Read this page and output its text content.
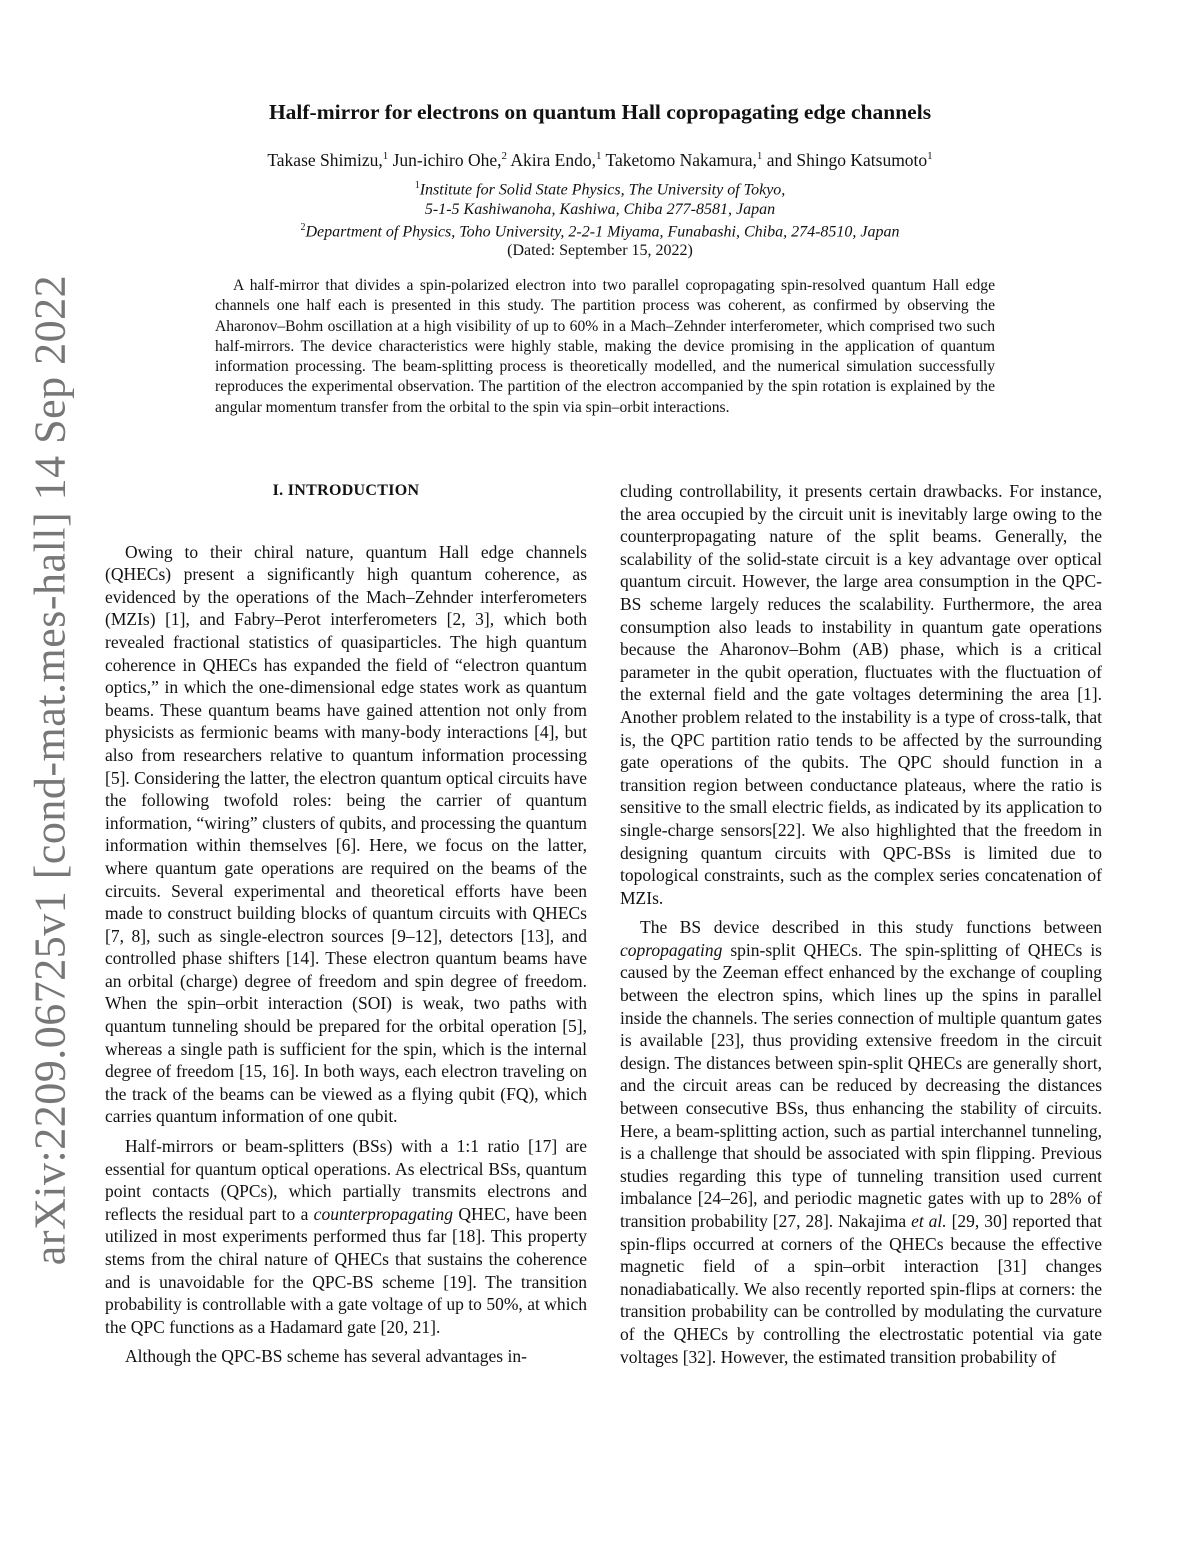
arXiv:2209.06725v1 [cond-mat.mes-hall] 14 Sep 2022
Half-mirror for electrons on quantum Hall copropagating edge channels
Takase Shimizu,$^1$ Jun-ichiro Ohe,$^2$ Akira Endo,$^1$ Taketomo Nakamura,$^1$ and Shingo Katsumoto$^1$
$^1$Institute for Solid State Physics, The University of Tokyo,
5-1-5 Kashiwanoha, Kashiwa, Chiba 277-8581, Japan
$^2$Department of Physics, Toho University, 2-2-1 Miyama, Funabashi, Chiba, 274-8510, Japan
(Dated: September 15, 2022)
A half-mirror that divides a spin-polarized electron into two parallel copropagating spin-resolved quantum Hall edge channels one half each is presented in this study. The partition process was coherent, as confirmed by observing the Aharonov–Bohm oscillation at a high visibility of up to 60% in a Mach–Zehnder interferometer, which comprised two such half-mirrors. The device characteristics were highly stable, making the device promising in the application of quantum information processing. The beam-splitting process is theoretically modelled, and the numerical simulation successfully reproduces the experimental observation. The partition of the electron accompanied by the spin rotation is explained by the angular momentum transfer from the orbital to the spin via spin–orbit interactions.
I. INTRODUCTION

Owing to their chiral nature, quantum Hall edge channels (QHECs) present a significantly high quantum coherence, as evidenced by the operations of the Mach–Zehnder interferometers (MZIs) [1], and Fabry–Perot interferometers [2, 3], which both revealed fractional statistics of quasiparticles. The high quantum coherence in QHECs has expanded the field of “electron quantum optics,” in which the one-dimensional edge states work as quantum beams. These quantum beams have gained attention not only from physicists as fermionic beams with many-body interactions [4], but also from researchers relative to quantum information processing [5]. Considering the latter, the electron quantum optical circuits have the following twofold roles: being the carrier of quantum information, “wiring” clusters of qubits, and processing the quantum information within themselves [6]. Here, we focus on the latter, where quantum gate operations are required on the beams of the circuits. Several experimental and theoretical efforts have been made to construct building blocks of quantum circuits with QHECs [7, 8], such as single-electron sources [9–12], detectors [13], and controlled phase shifters [14]. These electron quantum beams have an orbital (charge) degree of freedom and spin degree of freedom. When the spin–orbit interaction (SOI) is weak, two paths with quantum tunneling should be prepared for the orbital operation [5], whereas a single path is sufficient for the spin, which is the internal degree of freedom [15, 16]. In both ways, each electron traveling on the track of the beams can be viewed as a flying qubit (FQ), which carries quantum information of one qubit.

Half-mirrors or beam-splitters (BSs) with a 1:1 ratio [17] are essential for quantum optical operations. As electrical BSs, quantum point contacts (QPCs), which partially transmits electrons and reflects the residual part to a counterpropagating QHEC, have been utilized in most experiments performed thus far [18]. This property stems from the chiral nature of QHECs that sustains the coherence and is unavoidable for the QPC-BS scheme [19]. The transition probability is controllable with a gate voltage of up to 50%, at which the QPC functions as a Hadamard gate [20, 21].

Although the QPC-BS scheme has several advantages in-

cluding controllability, it presents certain drawbacks. For instance, the area occupied by the circuit unit is inevitably large owing to the counterpropagating nature of the split beams. Generally, the scalability of the solid-state circuit is a key advantage over optical quantum circuit. However, the large area consumption in the QPC-BS scheme largely reduces the scalability. Furthermore, the area consumption also leads to instability in quantum gate operations because the Aharonov–Bohm (AB) phase, which is a critical parameter in the qubit operation, fluctuates with the fluctuation of the external field and the gate voltages determining the area [1]. Another problem related to the instability is a type of cross-talk, that is, the QPC partition ratio tends to be affected by the surrounding gate operations of the qubits. The QPC should function in a transition region between conductance plateaus, where the ratio is sensitive to the small electric fields, as indicated by its application to single-charge sensors[22]. We also highlighted that the freedom in designing quantum circuits with QPC-BSs is limited due to topological constraints, such as the complex series concatenation of MZIs.

The BS device described in this study functions between copropagating spin-split QHECs. The spin-splitting of QHECs is caused by the Zeeman effect enhanced by the exchange of coupling between the electron spins, which lines up the spins in parallel inside the channels. The series connection of multiple quantum gates is available [23], thus providing extensive freedom in the circuit design. The distances between spin-split QHECs are generally short, and the circuit areas can be reduced by decreasing the distances between consecutive BSs, thus enhancing the stability of circuits. Here, a beam-splitting action, such as partial interchannel tunneling, is a challenge that should be associated with spin flipping. Previous studies regarding this type of tunneling transition used current imbalance [24–26], and periodic magnetic gates with up to 28% of transition probability [27, 28]. Nakajima et al. [29, 30] reported that spin-flips occurred at corners of the QHECs because the effective magnetic field of a spin–orbit interaction [31] changes nonadiabatically. We also recently reported spin-flips at corners: the transition probability can be controlled by modulating the curvature of the QHECs by controlling the electrostatic potential via gate voltages [32]. However, the estimated transition probability of
